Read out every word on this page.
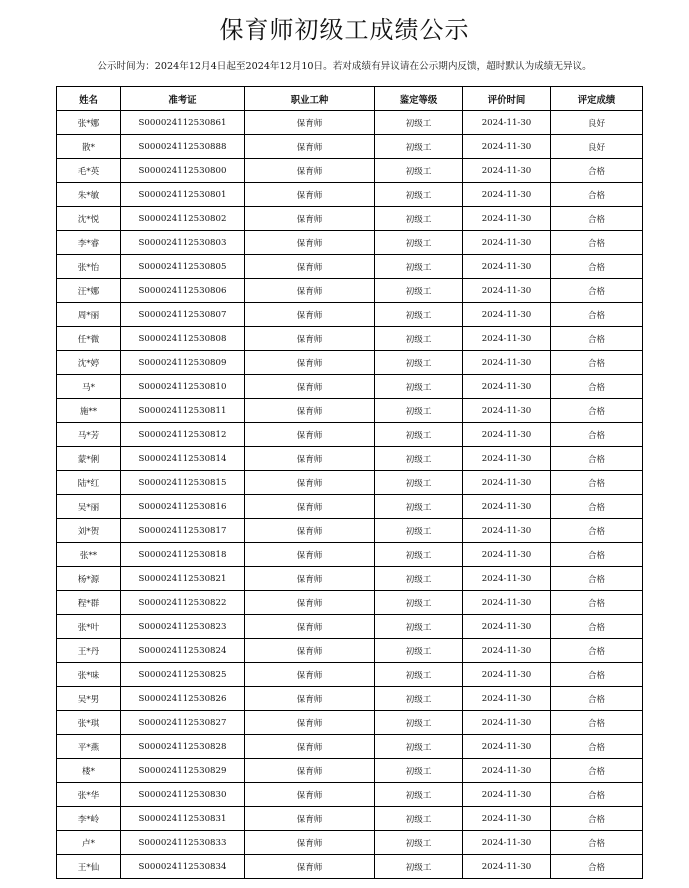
保育师初级工成绩公示
公示时间为：2024年12月4日起至2024年12月10日。若对成绩有异议请在公示期内反馈，超时默认为成绩无异议。
姓名	准考证	职业工种	鉴定等级	评价时间	评定成绩
张*娜	S000024112530861	保育师	初级工	2024-11-30	良好
散*	S000024112530888	保育师	初级工	2024-11-30	良好
毛*英	S000024112530800	保育师	初级工	2024-11-30	合格
朱*敏	S000024112530801	保育师	初级工	2024-11-30	合格
沈*悦	S000024112530802	保育师	初级工	2024-11-30	合格
李*睿	S000024112530803	保育师	初级工	2024-11-30	合格
张*怡	S000024112530805	保育师	初级工	2024-11-30	合格
汪*娜	S000024112530806	保育师	初级工	2024-11-30	合格
周*丽	S000024112530807	保育师	初级工	2024-11-30	合格
任*微	S000024112530808	保育师	初级工	2024-11-30	合格
沈*婷	S000024112530809	保育师	初级工	2024-11-30	合格
马*	S000024112530810	保育师	初级工	2024-11-30	合格
施**	S000024112530811	保育师	初级工	2024-11-30	合格
马*芳	S000024112530812	保育师	初级工	2024-11-30	合格
蒙*俐	S000024112530814	保育师	初级工	2024-11-30	合格
陆*红	S000024112530815	保育师	初级工	2024-11-30	合格
吴*丽	S000024112530816	保育师	初级工	2024-11-30	合格
刘*贺	S000024112530817	保育师	初级工	2024-11-30	合格
张**	S000024112530818	保育师	初级工	2024-11-30	合格
杨*源	S000024112530821	保育师	初级工	2024-11-30	合格
程*群	S000024112530822	保育师	初级工	2024-11-30	合格
张*叶	S000024112530823	保育师	初级工	2024-11-30	合格
王*丹	S000024112530824	保育师	初级工	2024-11-30	合格
张*味	S000024112530825	保育师	初级工	2024-11-30	合格
吴*男	S000024112530826	保育师	初级工	2024-11-30	合格
张*琪	S000024112530827	保育师	初级工	2024-11-30	合格
平*燕	S000024112530828	保育师	初级工	2024-11-30	合格
楼*	S000024112530829	保育师	初级工	2024-11-30	合格
张*华	S000024112530830	保育师	初级工	2024-11-30	合格
李*岭	S000024112530831	保育师	初级工	2024-11-30	合格
卢*	S000024112530833	保育师	初级工	2024-11-30	合格
王*仙	S000024112530834	保育师	初级工	2024-11-30	合格
